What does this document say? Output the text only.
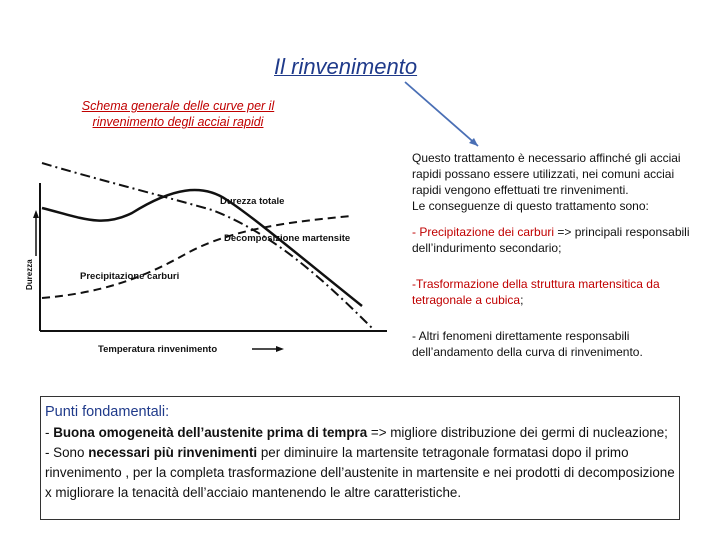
Il rinvenimento
Schema generale delle curve per il rinvenimento degli acciai rapidi
Durezza totale
Decomposizione martensite
Precipitazione carburi
Durezza
Temperatura rinvenimento

Questo trattamento è necessario affinché gli acciai rapidi possano essere utilizzati, nei comuni acciai rapidi vengono effettuati tre rinvenimenti.

Le conseguenze di questo trattamento sono:

- Precipitazione dei carburi => principali responsabili dell’indurimento secondario;

-Trasformazione della struttura martensitica da tetragonale a cubica;

- Altri fenomeni direttamente responsabili dell’andamento della curva di rinvenimento.

Punti fondamentali:
- Buona omogeneità dell’austenite prima di tempra => migliore distribuzione dei germi di nucleazione;
- Sono necessari più rinvenimenti per diminuire la martensite tetragonale formatasi dopo il primo rinvenimento , per la completa trasformazione dell’austenite in martensite e nei prodotti di decomposizione x migliorare la tenacità dell’acciaio mantenendo le altre caratteristiche.
